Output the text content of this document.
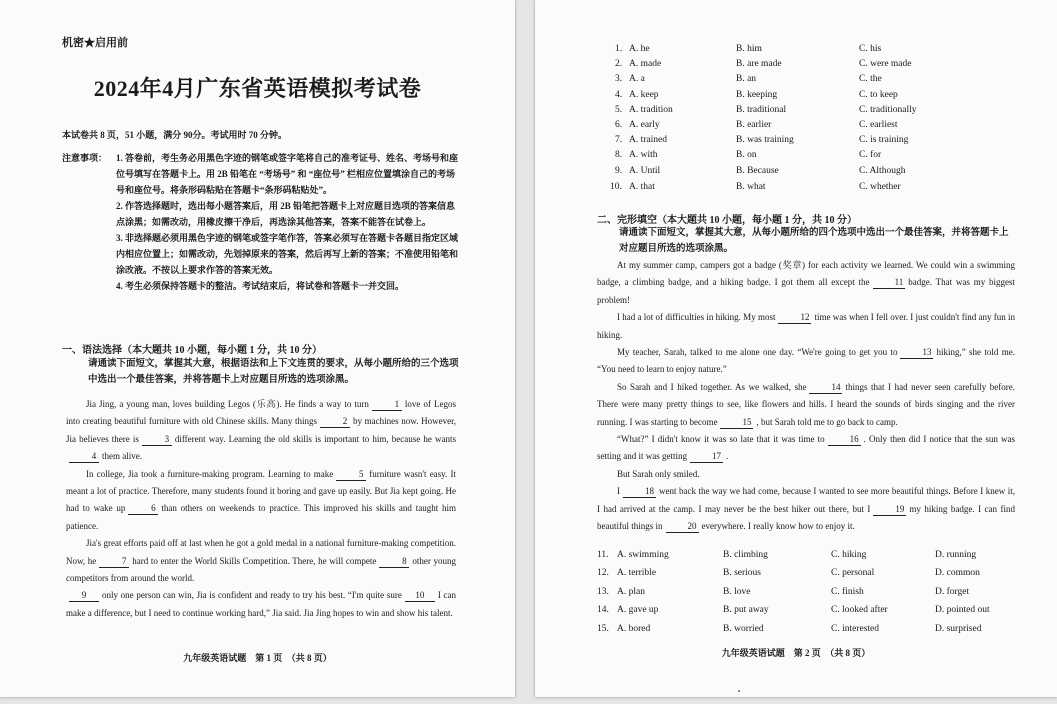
机密★启用前
2024年4月广东省英语模拟考试卷
本试卷共 8 页，51 小题，满分 90分。考试用时 70 分钟。
注意事项： 1. 答卷前，考生务必用黑色字迹的钢笔或签字笔将自己的准考证号、姓名、考场号和座位号填写在答题卡上。用 2B 铅笔在 “考场号” 和 “座位号” 栏相应位置填涂自己的考场号和座位号。将条形码粘贴在答题卡“条形码粘贴处”。
2. 作答选择题时，选出每小题答案后，用 2B 铅笔把答题卡上对应题目选项的答案信息点涂黑；如需改动，用橡皮擦干净后，再选涂其他答案，答案不能答在试卷上。
3. 非选择题必须用黑色字迹的钢笔或签字笔作答，答案必须写在答题卡各题目指定区域内相应位置上；如需改动，先划掉原来的答案，然后再写上新的答案；不准使用铅笔和涂改液。不按以上要求作答的答案无效。
4. 考生必须保持答题卡的整洁。考试结束后，将试卷和答题卡一并交回。
一、语法选择（本大题共 10 小题，每小题 1 分，共 10 分）
请通读下面短文，掌握其大意，根据语法和上下文连贯的要求，从每小题所给的三个选项中选出一个最佳答案，并将答题卡上对应题目所选的选项涂黑。

Jia Jing, a young man, loves building Legos (乐高). He finds a way to turn	1 love of Legos into creating beautiful furniture with old Chinese skills. Many things	2 by machines now. However, Jia believes there is	3 different way. Learning the old skills is important to him, because he wants4 them alive.

In college, Jia took a furniture-making program. Learning to make	5 furniture wasn't easy. It meant a lot of practice. Therefore, many students found it boring and gave up easily. But Jia kept going. He had to wake up	6 than others on weekends to practice. This improved his skills and taught him patience.

Jia's great efforts paid off at last when he got a gold medal in a national furniture-making competition. Now, he	7 hard to enter the World Skills Competition. There, he will compete	8 other young competitors from around the world.

9 only one person can win, Jia is confident and ready to try his best. “I'm quite sure 10 I can make a difference, but I need to continue working hard,” Jia said. Jia Jing hopes to win and show his talent.

九年级英语试题　第 1 页　（共 8 页）
1. A. he	B. him	C. his
2. A. made	B. are made	C. were made
3. A. a	B. an	C. the
4. A. keep	B. keeping	C. to keep
5. A. tradition	B. traditional	C. traditionally
6. A. early	B. earlier	C. earliest
7. A. trained	B. was training	C. is training
8. A. with	B. on	C. for
9. A. Until	B. Because	C. Although
10. A. that	B. what	C. whether
二、完形填空（本大题共 10 小题，每小题 1 分，共 10 分）
请通读下面短文，掌握其大意，从每小题所给的四个选项中选出一个最佳答案，并将答题卡上对应题目所选的选项涂黑。

At my summer camp, campers got a badge (奖章) for each activity we learned. We could win a swimming badge, a climbing badge, and a hiking badge. I got them all except the	11 badge. That was my biggest problem!

I had a lot of difficulties in hiking. My most	12 time was when I fell over. I just couldn't find any fun in hiking.

My teacher, Sarah, talked to me alone one day. “We're going to get you to	13 hiking,” she told me. “You need to learn to enjoy nature.”

So Sarah and I hiked together. As we walked, she	14 things that I had never seen carefully before. There were many pretty things to see, like flowers and hills. I heard the sounds of birds singing and the river running. I was starting to become	15 , but Sarah told me to go back to camp.

“What?” I didn't know it was so late that it was time to	16 . Only then did I notice that the sun was setting and it was getting	17 .

But Sarah only smiled.

I	18 went back the way we had come, because I wanted to see more beautiful things. Before I knew it, I had arrived at the camp. I may never be the best hiker out there, but I	19 my hiking badge. I can find beautiful things in	20 everywhere. I really know how to enjoy it.

11. A. swimming	B. climbing	C. hiking	D. running
12. A. terrible	B. serious	C. personal	D. common
13. A. plan	B. love	C. finish	D. forget
14. A. gave up	B. put away	C. looked after	D. pointed out
15. A. bored	B. worried	C. interested	D. surprised
九年级英语试题　第 2 页　（共 8 页）
